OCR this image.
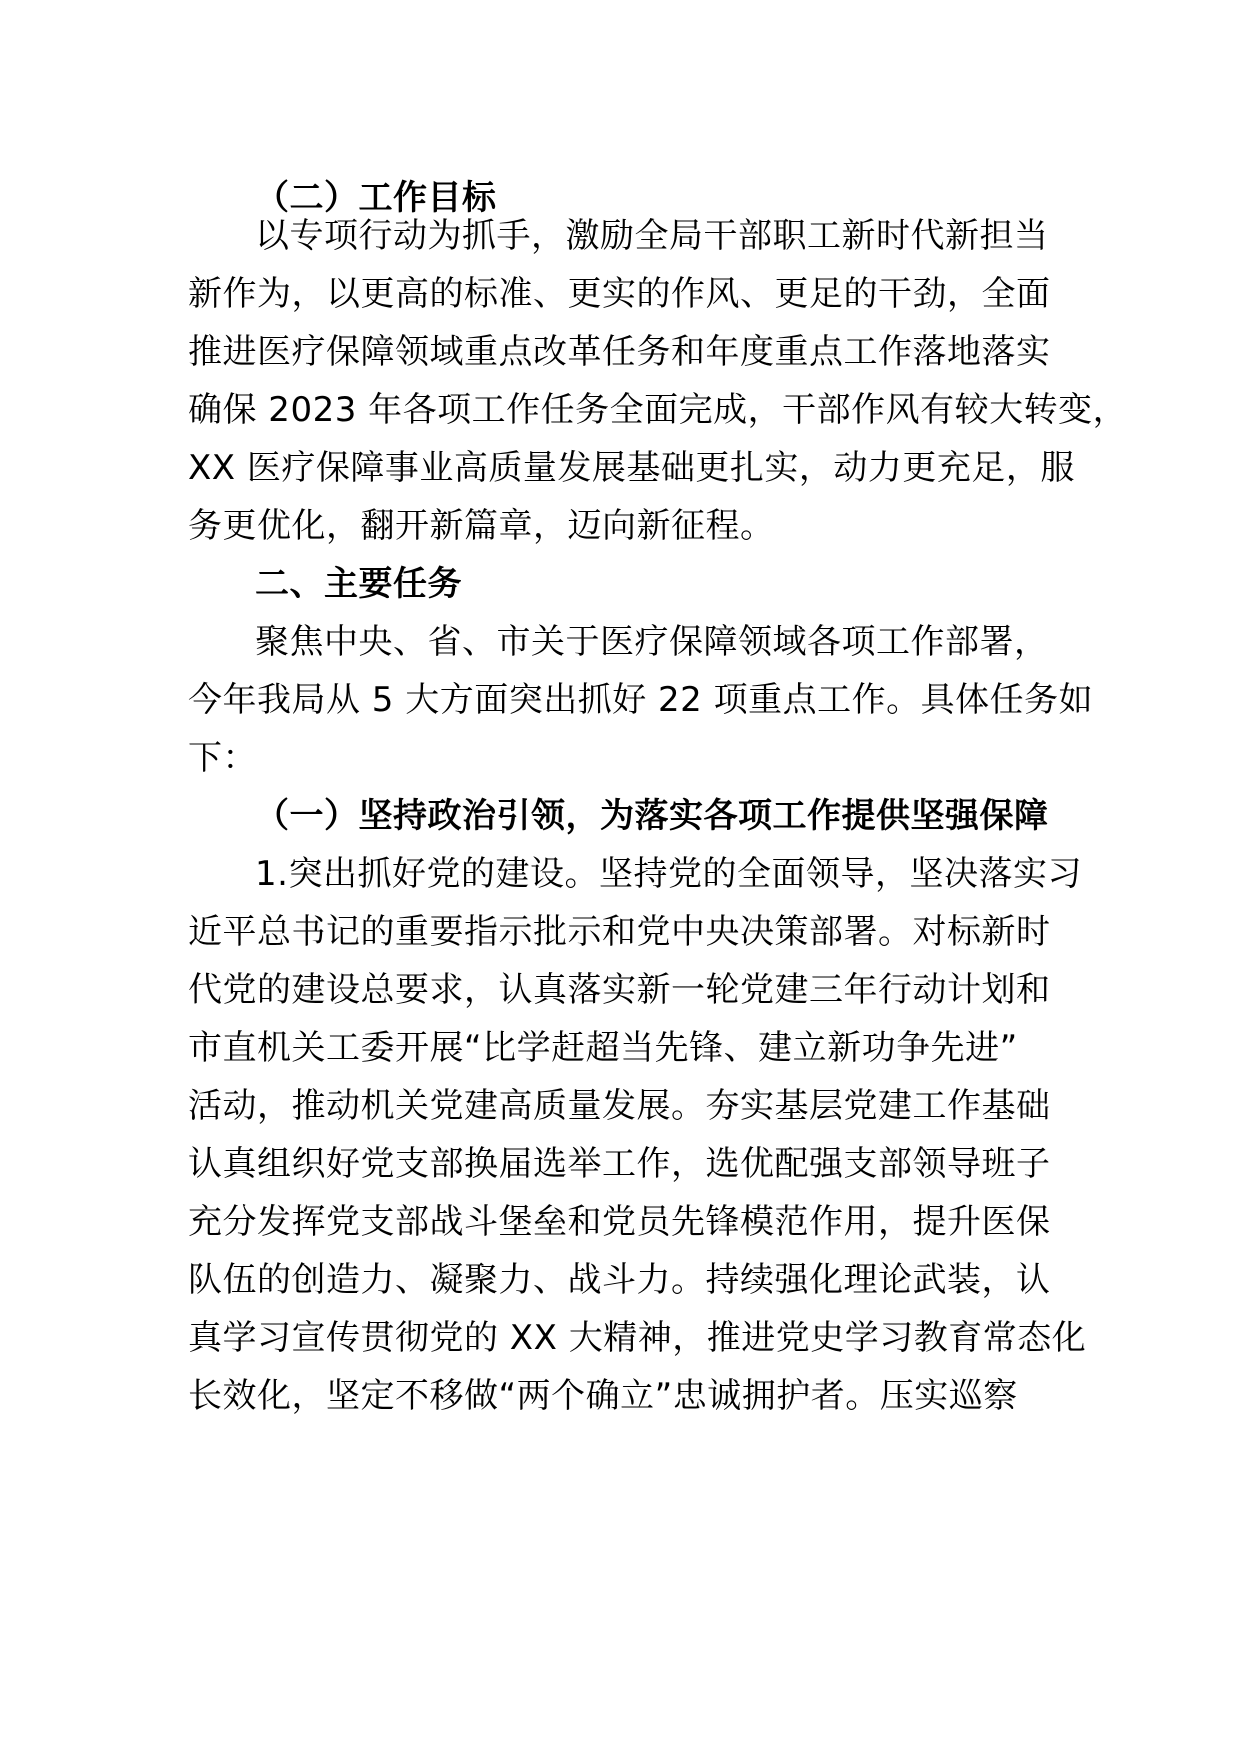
（二）工作目标
以专项行动为抓手，激励全局干部职工新时代新担当
新作为，以更高的标准、更实的作风、更足的干劲，全面
推进医疗保障领域重点改革任务和年度重点工作落地落实
确保 2023 年各项工作任务全面完成，干部作风有较大转变，
XX 医疗保障事业高质量发展基础更扎实，动力更充足，服
务更优化，翻开新篇章，迈向新征程。
二、主要任务
聚焦中央、省、市关于医疗保障领域各项工作部署，
今年我局从 5 大方面突出抓好 22 项重点工作。具体任务如
下：
（一）坚持政治引领，为落实各项工作提供坚强保障
1.突出抓好党的建设。坚持党的全面领导，坚决落实习
近平总书记的重要指示批示和党中央决策部署。对标新时
代党的建设总要求，认真落实新一轮党建三年行动计划和
市直机关工委开展“比学赶超当先锋、建立新功争先进”
活动，推动机关党建高质量发展。夯实基层党建工作基础
认真组织好党支部换届选举工作，选优配强支部领导班子
充分发挥党支部战斗堡垒和党员先锋模范作用，提升医保
队伍的创造力、凝聚力、战斗力。持续强化理论武装，认
真学习宣传贯彻党的 XX 大精神，推进党史学习教育常态化
长效化，坚定不移做“两个确立”忠诚拥护者。压实巡察
